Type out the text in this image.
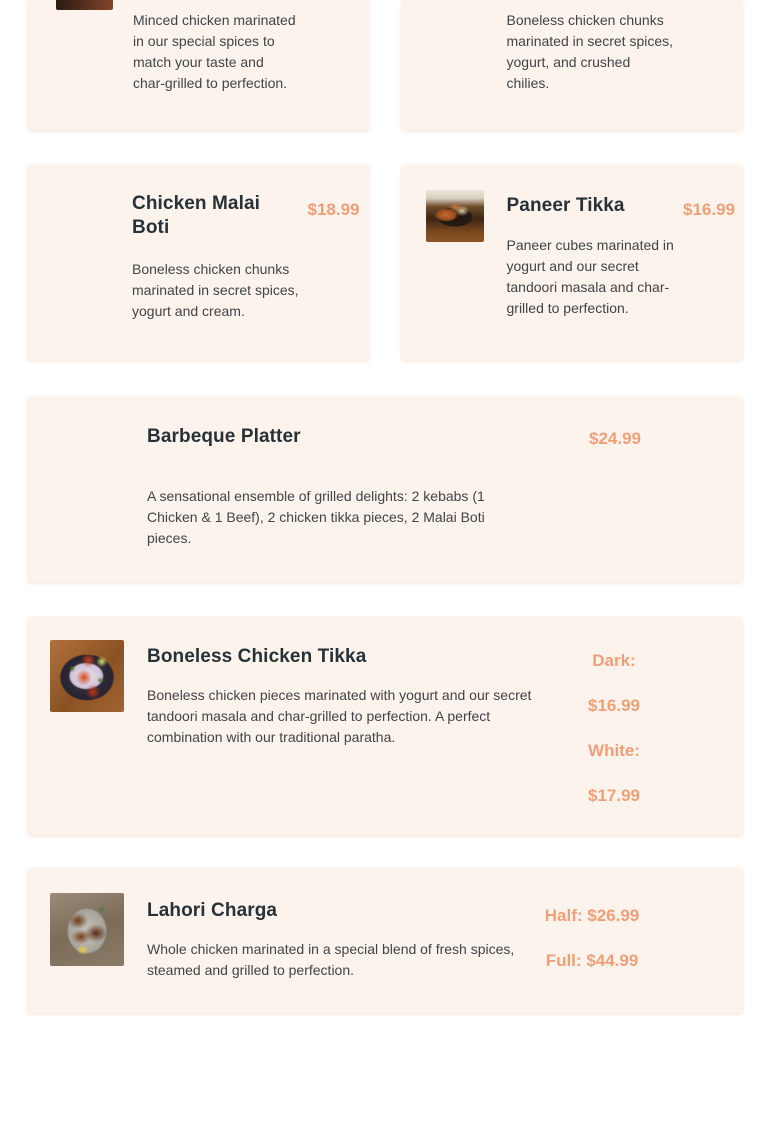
Minced chicken marinated in our special spices to match your taste and char-grilled to perfection.

Boneless chicken chunks marinated in secret spices, yogurt, and crushed chilies.

Chicken Malai Boti

$18.99

Boneless chicken chunks marinated in secret spices, yogurt and cream.

Paneer Tikka	$16.99

Paneer cubes marinated in yogurt and our secret tandoori masala and char-grilled to perfection.

Barbeque Platter	$24.99

A sensational ensemble of grilled delights: 2 kebabs (1 Chicken & 1 Beef), 2 chicken tikka pieces, 2 Malai Boti pieces.

Boneless Chicken Tikka

Boneless chicken pieces marinated with yogurt and our secret tandoori masala and char-grilled to perfection. A perfect combination with our traditional paratha.

Dark:
$16.99
White:
$17.99
Lahori Charga

Whole chicken marinated in a special blend of fresh spices, steamed and grilled to perfection.

Half: $26.99
Full: $44.99
